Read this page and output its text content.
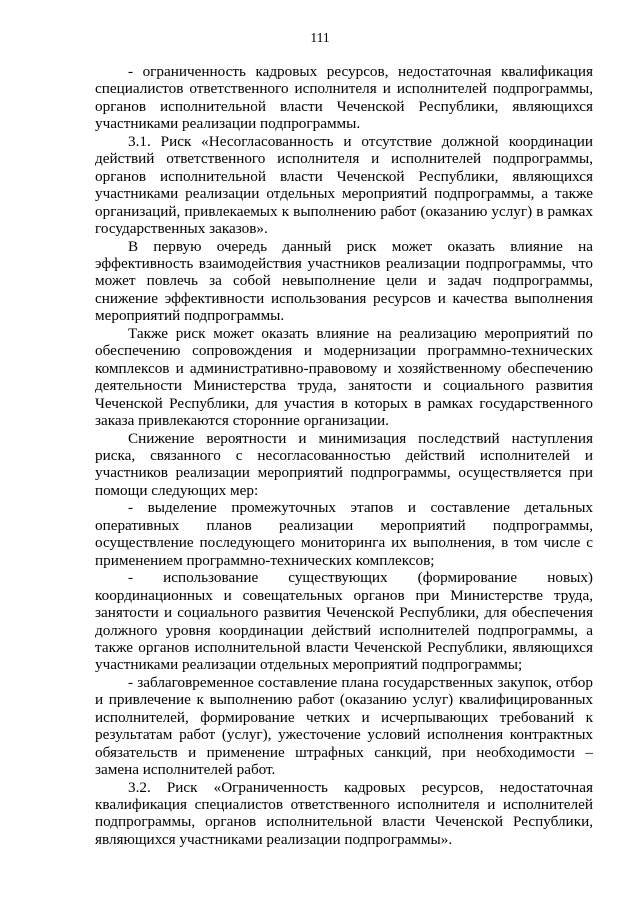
111

- ограниченность кадровых ресурсов, недостаточная квалификация специалистов ответственного исполнителя и исполнителей подпрограммы, органов исполнительной власти Чеченской Республики, являющихся участниками реализации подпрограммы.

3.1. Риск «Несогласованность и отсутствие должной координации действий ответственного исполнителя и исполнителей подпрограммы, органов исполнительной власти Чеченской Республики, являющихся участниками реализации отдельных мероприятий подпрограммы, а также организаций, привлекаемых к выполнению работ (оказанию услуг) в рамках государственных заказов».

В первую очередь данный риск может оказать влияние на эффективность взаимодействия участников реализации подпрограммы, что может повлечь за собой невыполнение цели и задач подпрограммы, снижение эффективности использования ресурсов и качества выполнения мероприятий подпрограммы.

Также риск может оказать влияние на реализацию мероприятий по обеспечению сопровождения и модернизации программно-технических комплексов и административно-правовому и хозяйственному обеспечению деятельности Министерства труда, занятости и социального развития Чеченской Республики, для участия в которых в рамках государственного заказа привлекаются сторонние организации.

Снижение вероятности и минимизация последствий наступления риска, связанного с несогласованностью действий исполнителей и участников реализации мероприятий подпрограммы, осуществляется при помощи следующих мер:

- выделение промежуточных этапов и составление детальных оперативных планов реализации мероприятий подпрограммы, осуществление последующего мониторинга их выполнения, в том числе с применением программно-технических комплексов;

- использование существующих (формирование новых) координационных и совещательных органов при Министерстве труда, занятости и социального развития Чеченской Республики, для обеспечения должного уровня координации действий исполнителей подпрограммы, а также органов исполнительной власти Чеченской Республики, являющихся участниками реализации отдельных мероприятий подпрограммы;

- заблаговременное составление плана государственных закупок, отбор и привлечение к выполнению работ (оказанию услуг) квалифицированных исполнителей, формирование четких и исчерпывающих требований к результатам работ (услуг), ужесточение условий исполнения контрактных обязательств и применение штрафных санкций, при необходимости – замена исполнителей работ.

3.2. Риск «Ограниченность кадровых ресурсов, недостаточная квалификация специалистов ответственного исполнителя и исполнителей подпрограммы, органов исполнительной власти Чеченской Республики, являющихся участниками реализации подпрограммы».
